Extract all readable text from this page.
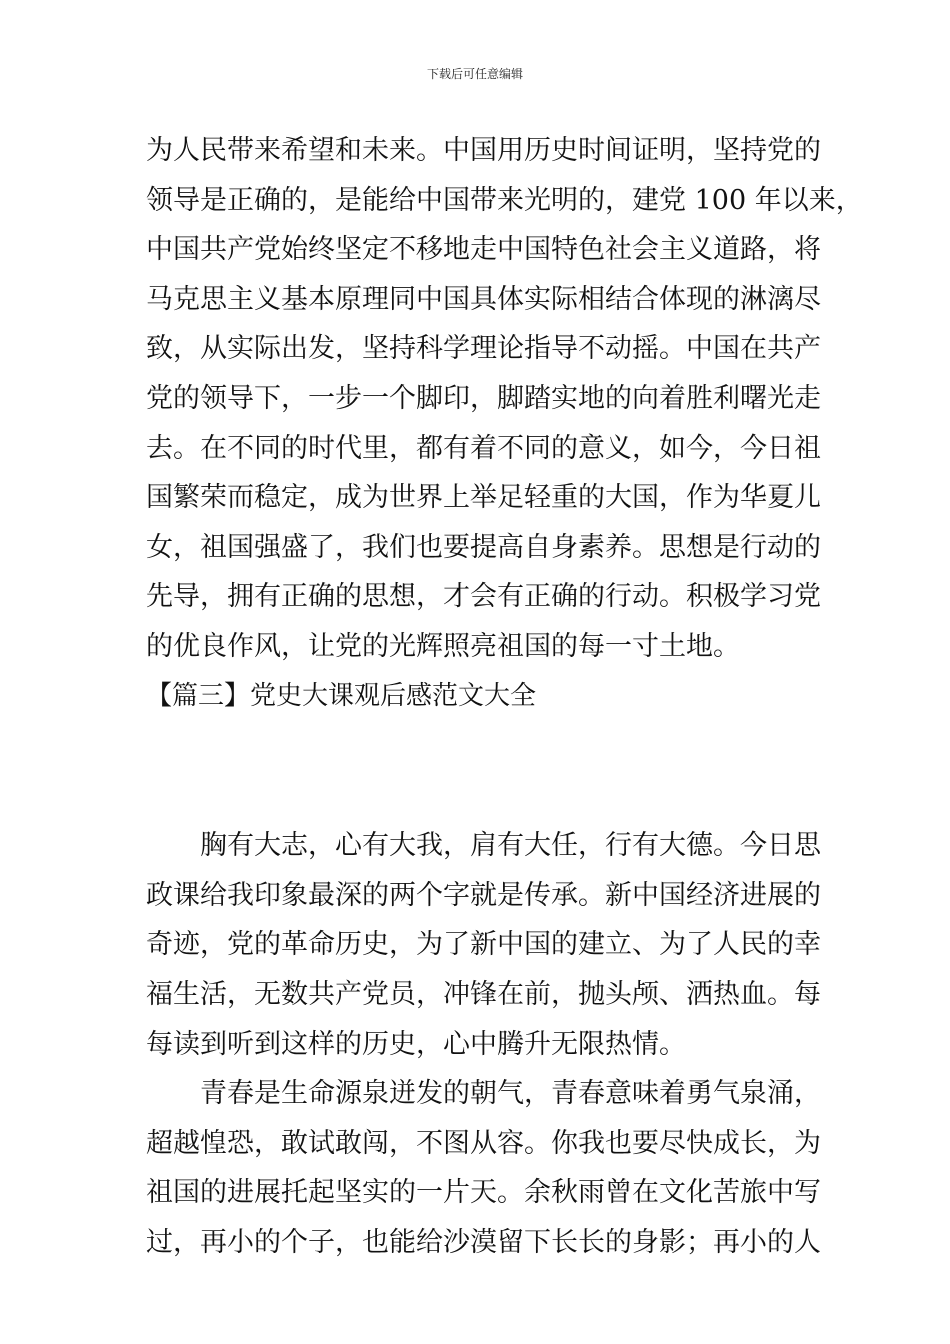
下载后可任意编辑
为人民带来希望和未来。中国用历史时间证明，坚持党的
领导是正确的，是能给中国带来光明的，建党 100 年以来，
中国共产党始终坚定不移地走中国特色社会主义道路，将
马克思主义基本原理同中国具体实际相结合体现的淋漓尽
致，从实际出发，坚持科学理论指导不动摇。中国在共产
党的领导下，一步一个脚印，脚踏实地的向着胜利曙光走
去。在不同的时代里，都有着不同的意义，如今，今日祖
国繁荣而稳定，成为世界上举足轻重的大国，作为华夏儿
女，祖国强盛了，我们也要提高自身素养。思想是行动的
先导，拥有正确的思想，才会有正确的行动。积极学习党
的优良作风，让党的光辉照亮祖国的每一寸土地。
【篇三】党史大课观后感范文大全
胸有大志，心有大我，肩有大任，行有大德。今日思
政课给我印象最深的两个字就是传承。新中国经济进展的
奇迹，党的革命历史，为了新中国的建立、为了人民的幸
福生活，无数共产党员，冲锋在前，抛头颅、洒热血。每
每读到听到这样的历史，心中腾升无限热情。
青春是生命源泉迸发的朝气，青春意味着勇气泉涌，
超越惶恐，敢试敢闯，不图从容。你我也要尽快成长，为
祖国的进展托起坚实的一片天。余秋雨曾在文化苦旅中写
过，再小的个子，也能给沙漠留下长长的身影；再小的人
